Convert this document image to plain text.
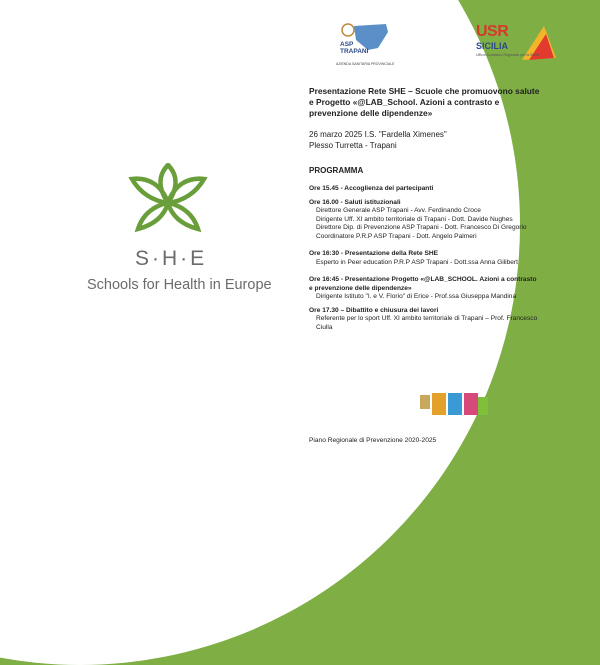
S·H·E
Schools for Health in Europe
ASP
TRAPANI
AZIENDA SANITARIA PROVINCIALE
USR
SICILIA
Ufficio Scolastico Regionale per la Sicilia
Presentazione Rete SHE – Scuole che promuovono salute
e Progetto «@LAB_School. Azioni a contrasto e
prevenzione delle dipendenze»
26 marzo 2025 I.S. "Fardella Ximenes"
Plesso Turretta - Trapani
PROGRAMMA
Ore 15.45 - Accoglienza dei partecipanti
Ore 16.00 - Saluti istituzionali
Direttore Generale ASP Trapani - Avv. Ferdinando Croce
Dirigente Uff. XI ambito territoriale di Trapani - Dott. Davide Nughes
Direttore Dip. di Prevenzione ASP Trapani - Dott. Francesco Di Gregorio
Coordinatore P.R.P ASP Trapani - Dott. Angelo Palmeri
Ore 16:30 - Presentazione della Rete SHE
Esperto in Peer education P.R.P ASP Trapani - Dott.ssa Anna Gilibert
Ore 16:45 - Presentazione Progetto «@LAB_SCHOOL. Azioni a contrasto
e prevenzione delle dipendenze»
Dirigente Istituto "I. e V. Florio" di Erice - Prof.ssa Giuseppa Mandina
Ore 17.30 – Dibattito e chiusura dei lavori
Referente per lo sport Uff. XI ambito territoriale di Trapani – Prof. Francesco
Ciulla
Piano Regionale di Prevenzione 2020-2025
